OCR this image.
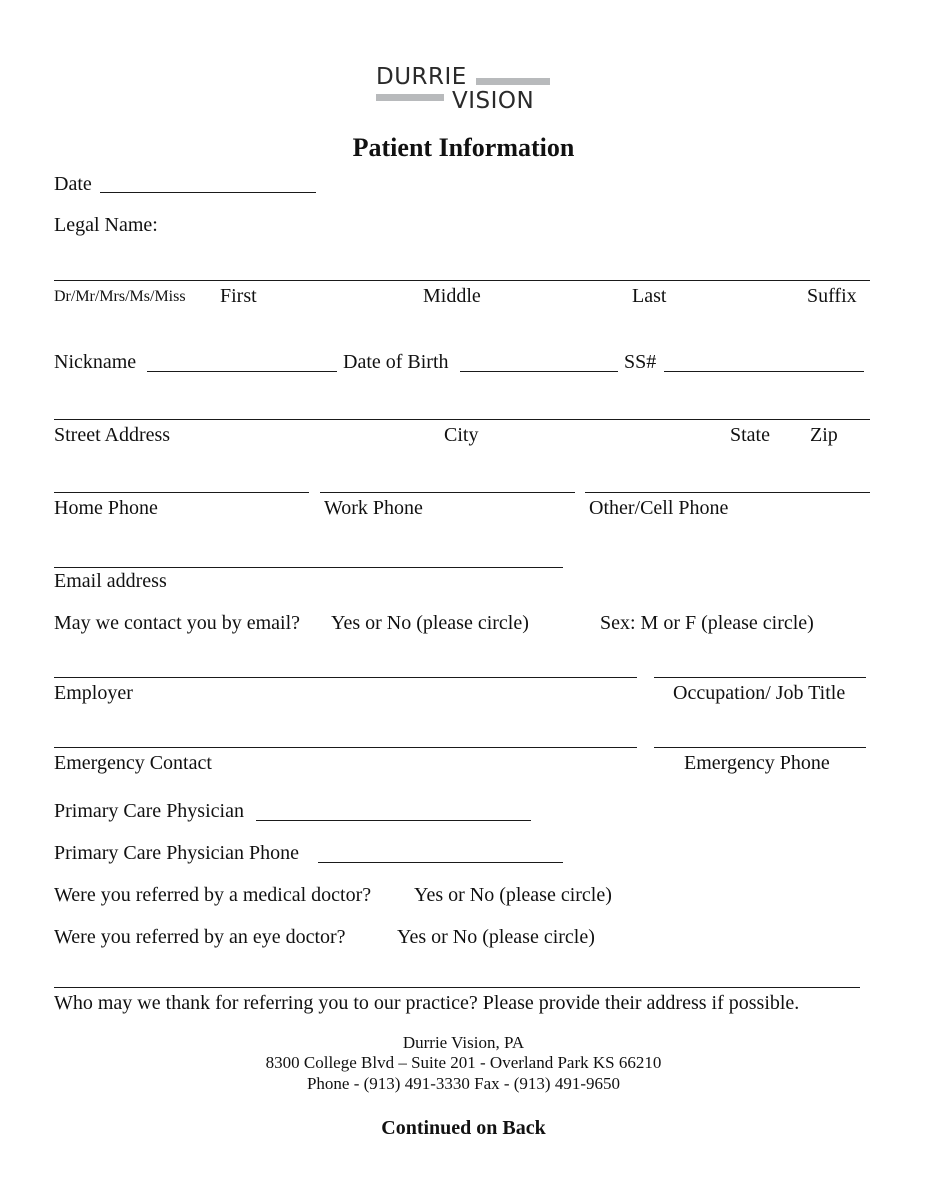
DURRIE
VISION
Patient Information
Date
Legal Name:
Dr/Mr/Mrs/Ms/Miss First	Middle	Last	Suffix
Nickname	Date of Birth	SS#
Street Address	City	State Zip
Home Phone	Work Phone	Other/Cell Phone
Email address
May we contact you by email? Yes or No (please circle)	Sex: M or F (please circle)
Employer	Occupation/ Job Title
Emergency Contact	Emergency Phone
Primary Care Physician
Primary Care Physician Phone
Were you referred by a medical doctor? Yes or No (please circle)
Were you referred by an eye doctor?	Yes or No (please circle)
Who may we thank for referring you to our practice? Please provide their address if possible.
Durrie Vision, PA
8300 College Blvd – Suite 201 - Overland Park KS 66210
Phone - (913) 491-3330 Fax - (913) 491-9650
Continued on Back
